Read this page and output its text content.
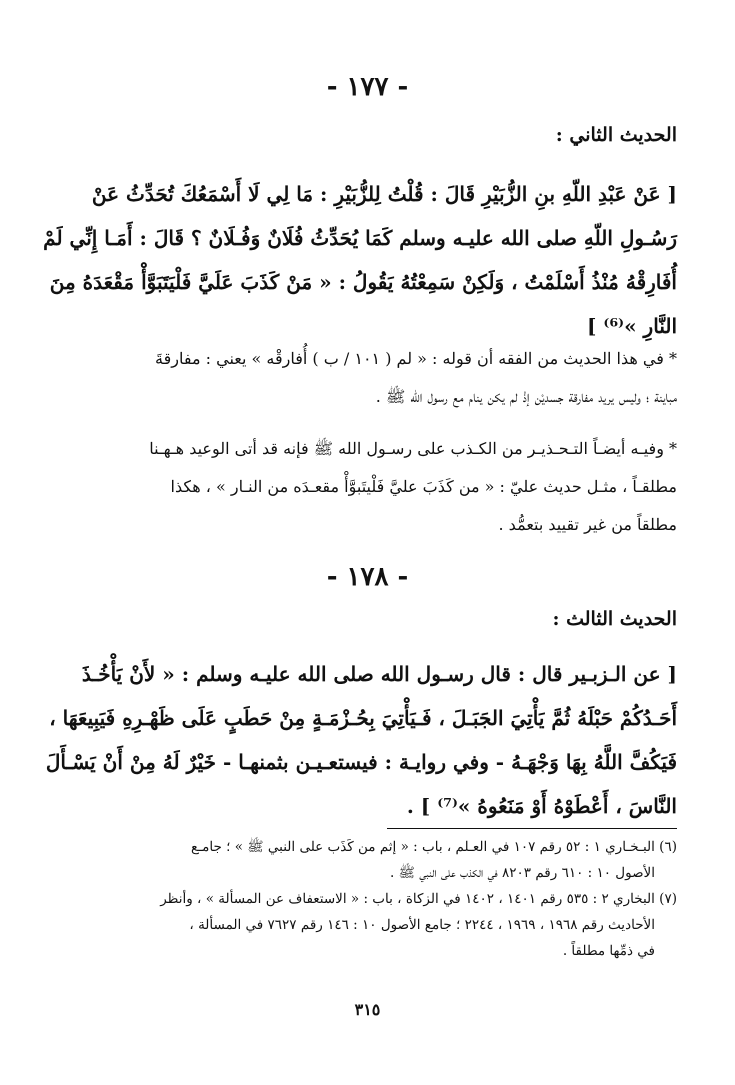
- ١٧٧ -
الحديث الثاني :
[ عَنْ عَبْدِ اللّهِ بنِ الزُّبَيْرِ قَالَ : قُلْتُ لِلزُّبَيْرِ : مَا لِي لَا أَسْمَعُكَ تُحَدِّثُ عَنْ
رَسُـولِ اللّهِ صلى الله عليـه وسلم كَمَا يُحَدِّثُ فُلَانٌ وَفُـلَانٌ ؟ قَالَ : أَمَـا إِنِّي لَمْ
أُفَارِقْهُ مُنْذُ أَسْلَمْتُ ، وَلَكِنْ سَمِعْتُهُ يَقُولُ : « مَنْ كَذَبَ عَلَيَّ فَلْيَتَبَوَّأْ مَقْعَدَهُ مِنَ
النَّارِ »⁽⁶⁾ ]
* في هذا الحديث من الفقه أن قوله : « لم ( ١٠١ / ب ) أُفارقْه » يعني : مفارقةَ
مباينة ؛ وليس يريد مفارقة جسديْن إذْ لم يكن ينام مع رسول الله ﷺ .
* وفيـه أيضـاً التـحـذيـر من الكـذب على رسـول الله ﷺ فإنه قد أتى الوعيد هـهـنا
مطلقـاً ، مثـل حديث عليّ : « من كَذَبَ عليَّ فَلْيتَبوَّأْ مقعـدَه من النـار » ، هكذا
مطلقاً من غير تقييد بتعمُّد .
- ١٧٨ -
الحديث الثالث :
[ عن الـزبـير قال : قال رسـول الله صلى الله عليـه وسلم : « لأَنْ يَأْخُـذَ
أَحَـدُكُمْ حَبْلَهُ ثُمَّ يَأْتِيَ الجَبَـلَ ، فَـيَأْتِيَ بِحُـزْمَـةٍ مِنْ حَطَبٍ عَلَى ظَهْـرِهِ فَيَبِيعَهَا ،
فَيَكُفَّ اللَّهُ بِهَا وَجْهَـهُ - وفي روايـة : فيستعـيـن بثمنهـا - خَيْرٌ لَهُ مِنْ أَنْ يَسْـأَلَ
النَّاسَ ، أَعْطَوْهُ أَوْ مَنَعُوهُ »⁽⁷⁾ ] .
(٦) البـخـاري ١ : ٥٢ رقم ١٠٧ في العـلم ، باب : « إثم من كَذَب على النبي ﷺ » ؛ جامـع
الأصول ١٠ : ٦١٠ رقم ٨٢٠٣ في الكذب على النبي ﷺ .
(٧) البخاري ٢ : ٥٣٥ رقم ١٤٠١ ، ١٤٠٢ في الزكاة ، باب : « الاستعفاف عن المسألة » ، وأنظر
الأحاديث رقم ١٩٦٨ ، ١٩٦٩ ، ٢٢٤٤ ؛ جامع الأصول ١٠ : ١٤٦ رقم ٧٦٢٧ في المسألة ،
في ذمِّها مطلقاً .
٣١٥
